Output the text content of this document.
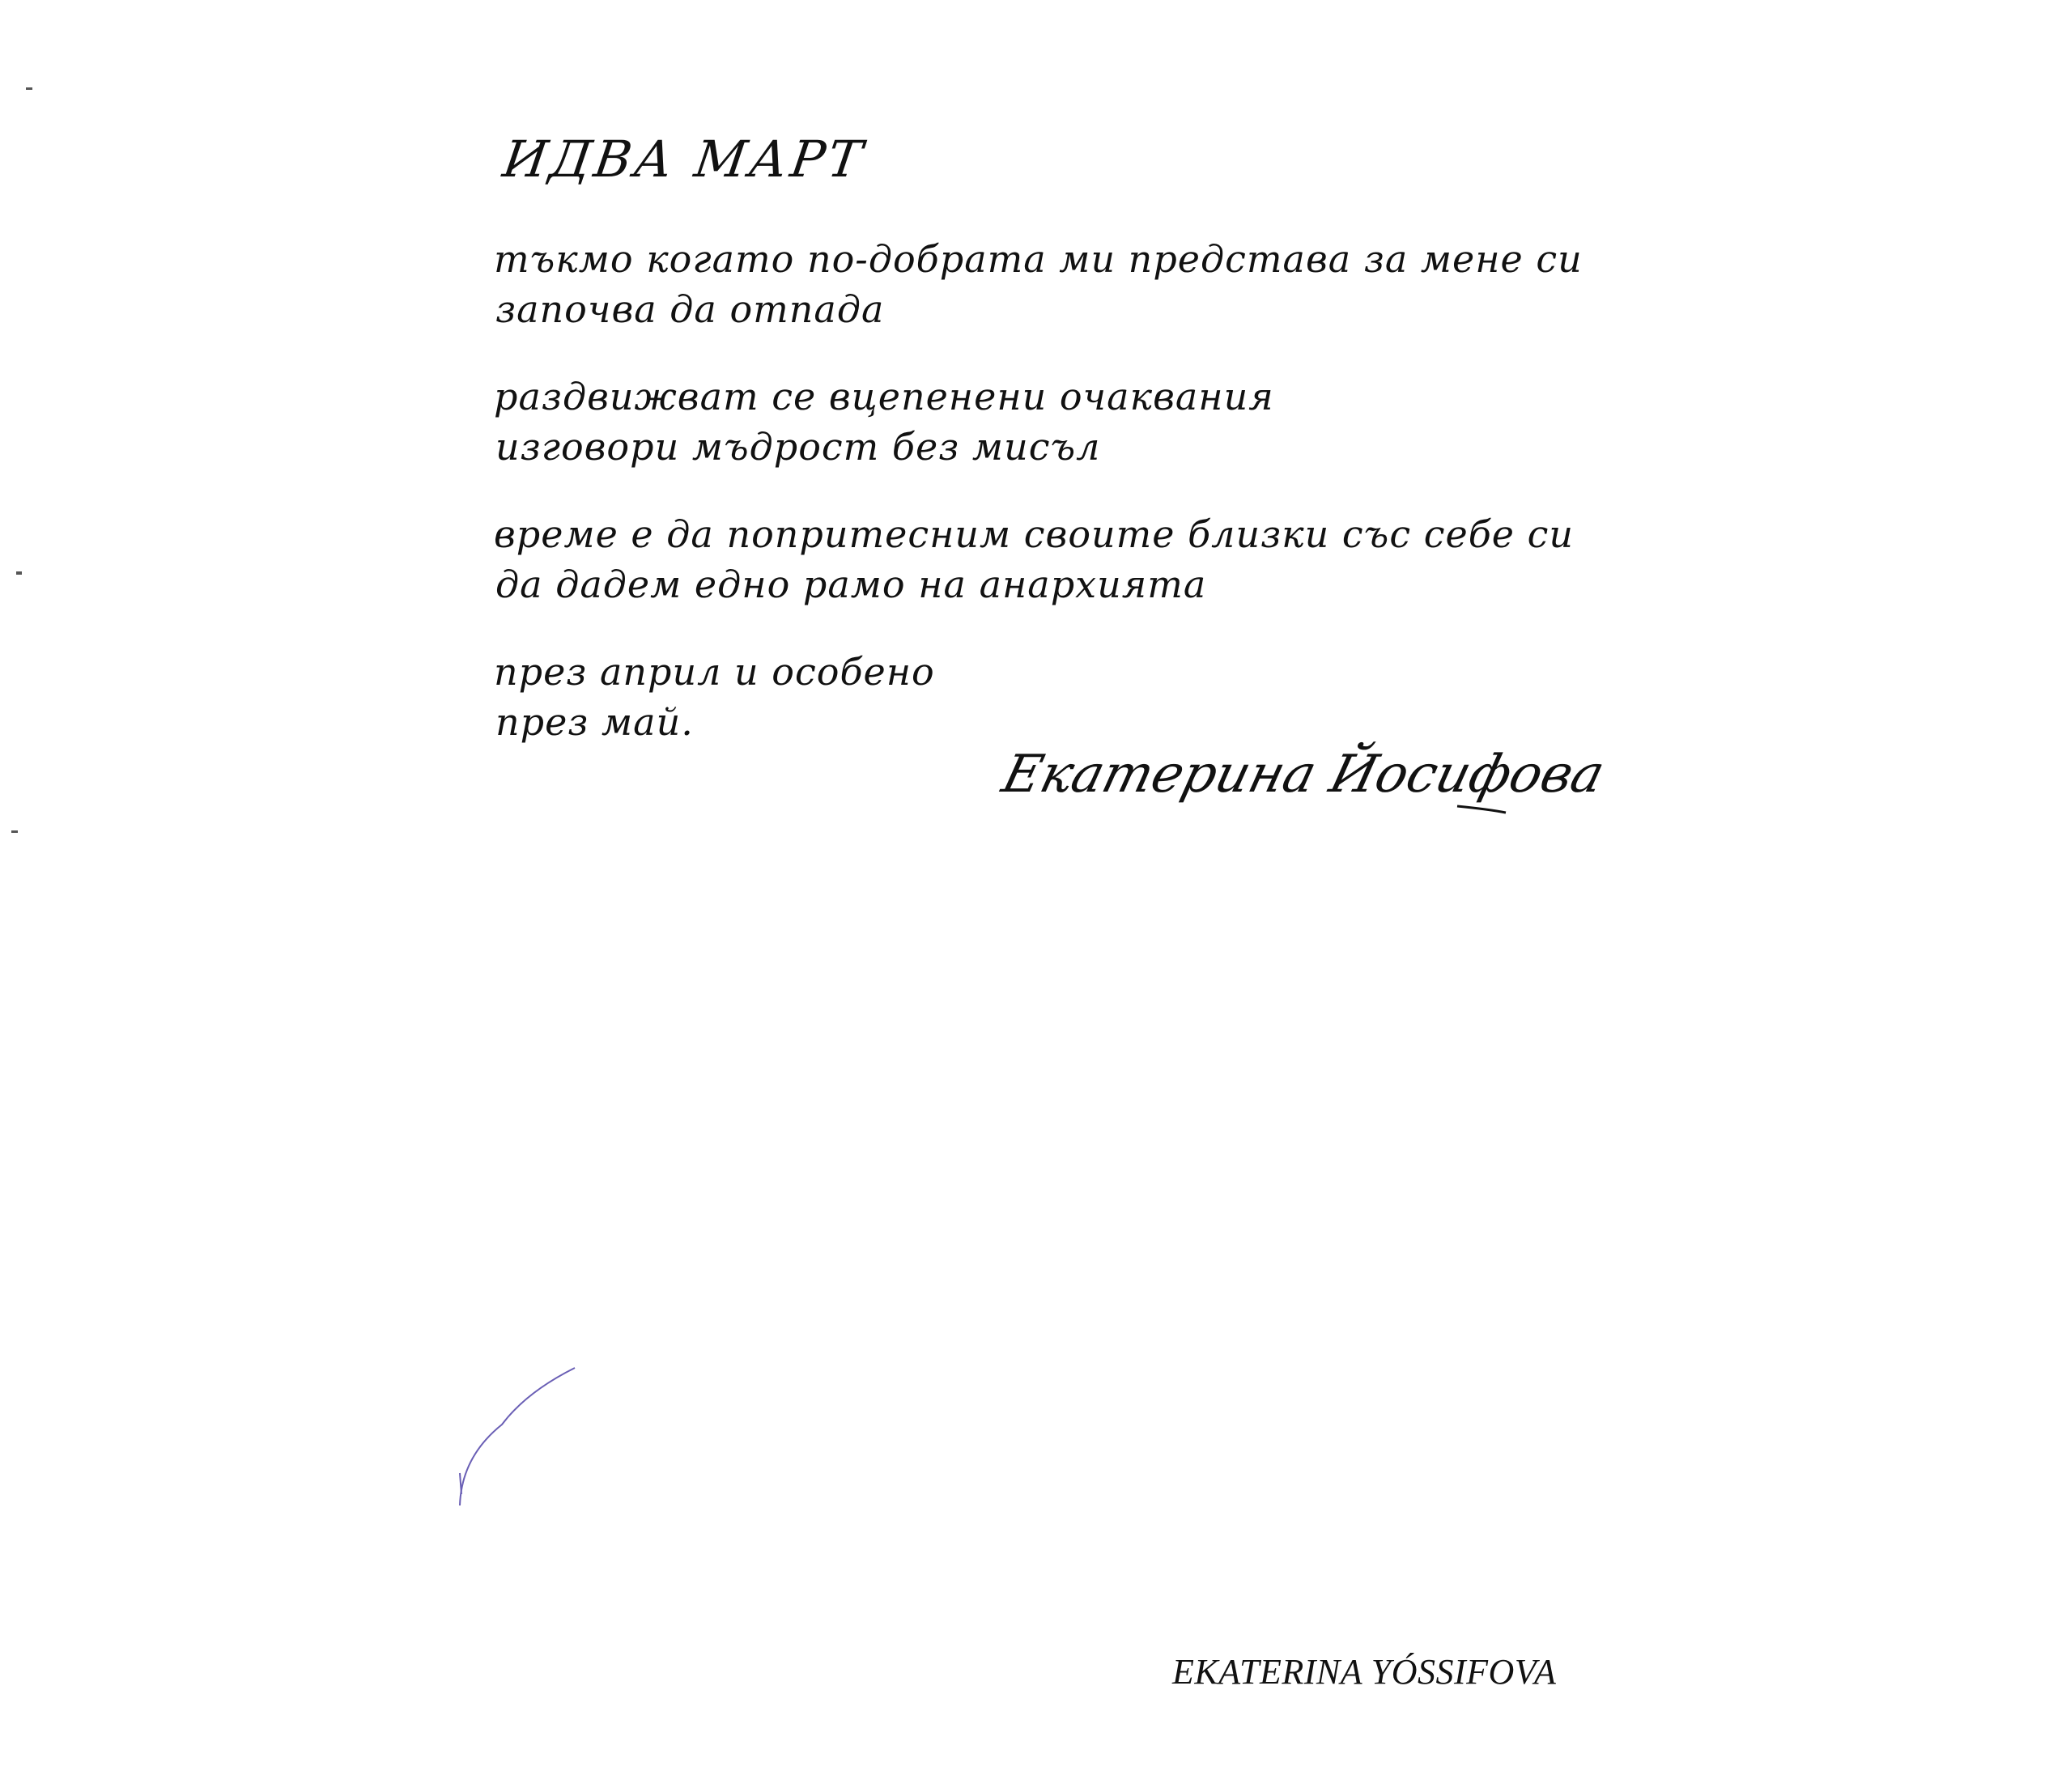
ИДВА МАРТ
тъкмо когато по-добрата ми представа за мене си
започва да отпада
раздвижват се вцепенени очаквания
изговори мъдрост без мисъл
време е да попритесним своите близки със себе си
да дадем едно рамо на анархията
през април и особено
през май.
Екатерина Йосифова
EKATERINA YÓSSIFOVA
